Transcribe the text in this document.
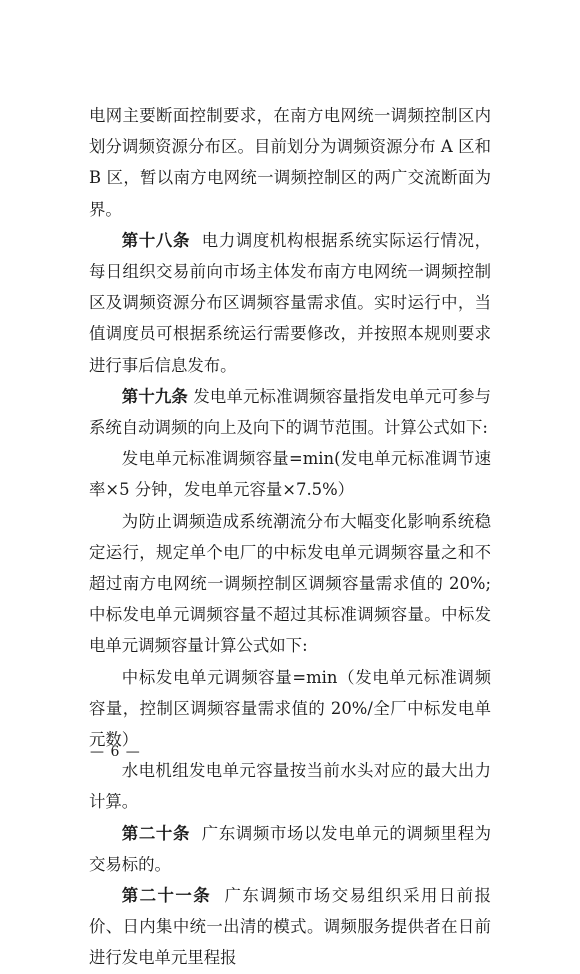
电网主要断面控制要求，在南方电网统一调频控制区内划分调频资源分布区。目前划分为调频资源分布 A 区和 B 区，暂以南方电网统一调频控制区的两广交流断面为界。

第十八条 电力调度机构根据系统实际运行情况，每日组织交易前向市场主体发布南方电网统一调频控制区及调频资源分布区调频容量需求值。实时运行中，当值调度员可根据系统运行需要修改，并按照本规则要求进行事后信息发布。

第十九条 发电单元标准调频容量指发电单元可参与系统自动调频的向上及向下的调节范围。计算公式如下:

发电单元标准调频容量=min(发电单元标准调节速率×5 分钟，发电单元容量×7.5%）

为防止调频造成系统潮流分布大幅变化影响系统稳定运行，规定单个电厂的中标发电单元调频容量之和不超过南方电网统一调频控制区调频容量需求值的 20%;中标发电单元调频容量不超过其标准调频容量。中标发电单元调频容量计算公式如下:

中标发电单元调频容量=min（发电单元标准调频容量，控制区调频容量需求值的 20%/全厂中标发电单元数）

水电机组发电单元容量按当前水头对应的最大出力计算。

第二十条 广东调频市场以发电单元的调频里程为交易标的。

第二十一条 广东调频市场交易组织采用日前报价、日内集中统一出清的模式。调频服务提供者在日前进行发电单元里程报

— 6 —
